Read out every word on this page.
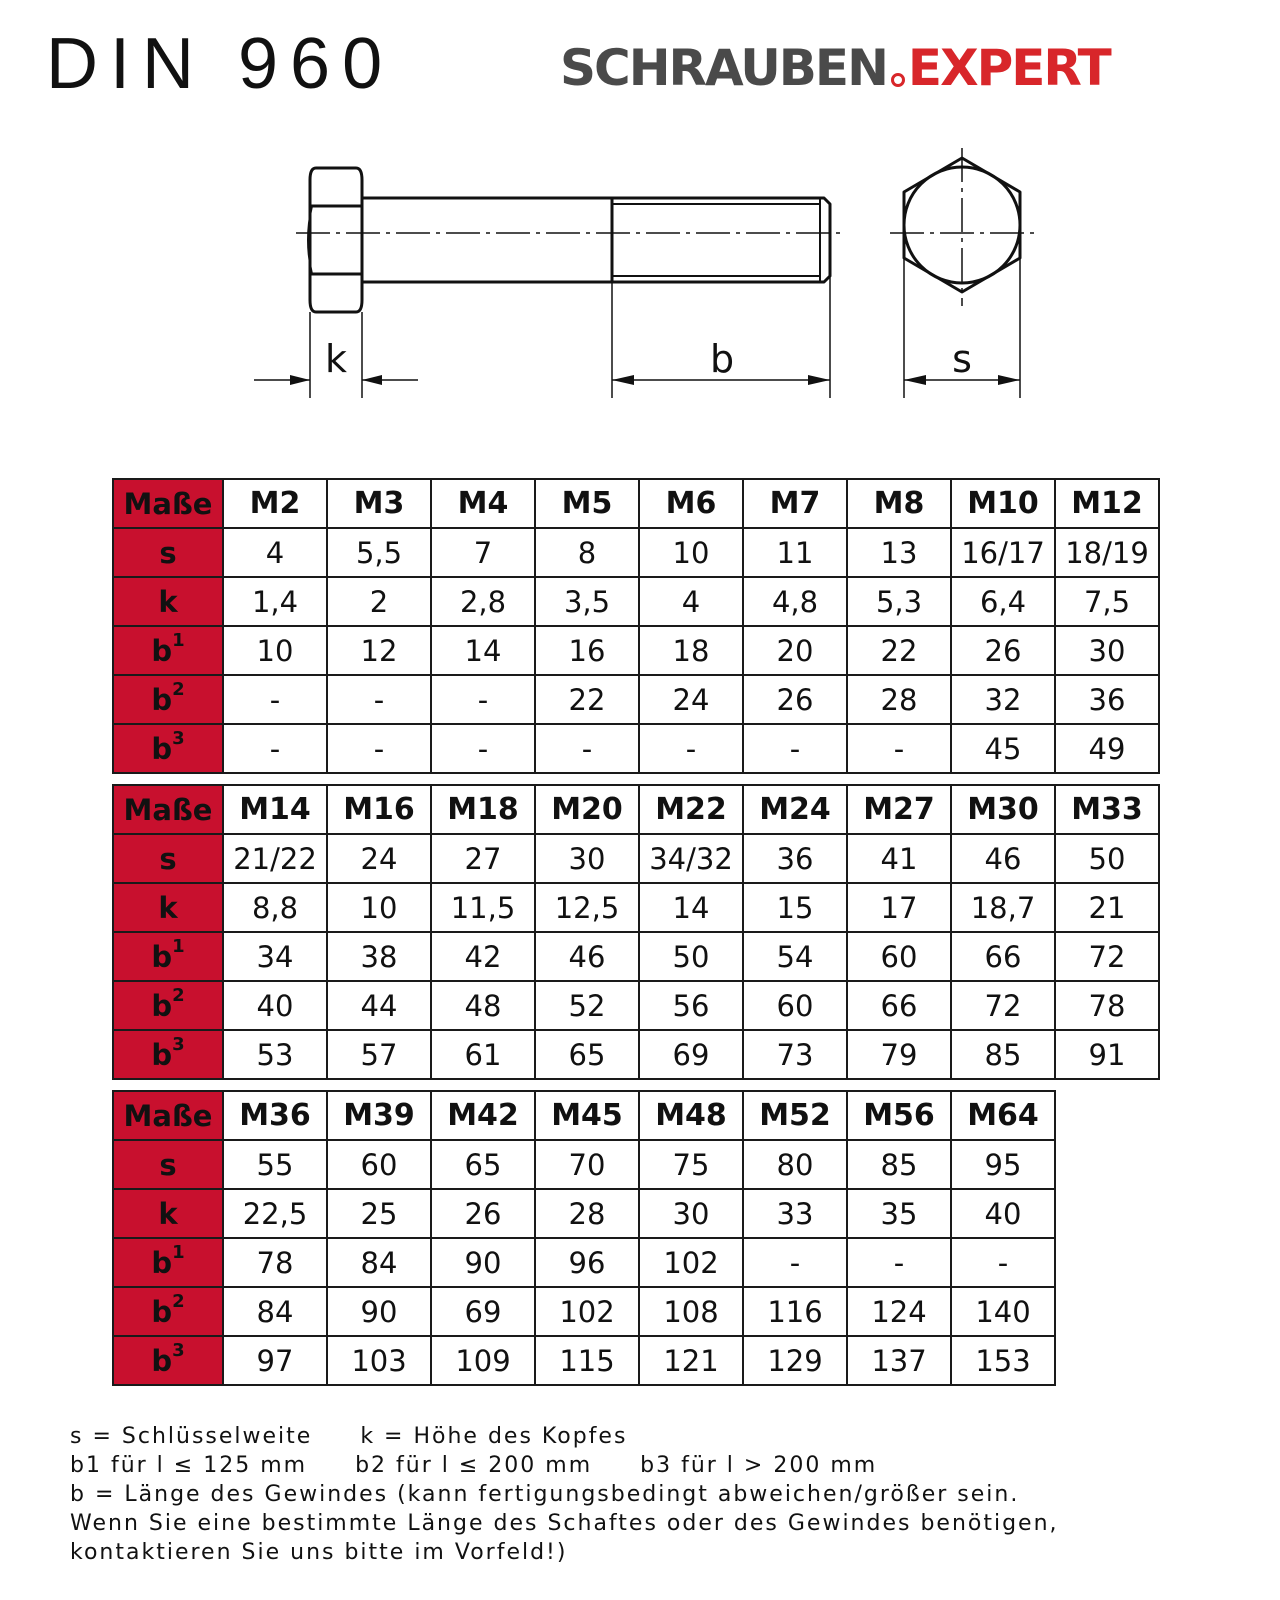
DIN 960	SCHRAUBEN EXPERT
k	b	s
Maße	M2	M3	M4	M5	M6	M7	M8	M10	M12
s	4	5,5	7	8	10	11	13	16/17	18/19
k	1,4	2	2,8	3,5	4	4,8	5,3	6,4	7,5
$b^1$	10	12	14	16	18	20	22	26	30
$b^2$	-	-	-	22	24	26	28	32	36
$b^3$	-	-	-	-	-	-	-	45	49
Maße	M14	M16	M18	M20	M22	M24	M27	M30	M33
s	21/22	24	27	30	34/32	36	41	46	50
k	8,8	10	11,5	12,5	14	15	17	18,7	21
$b^1$	34	38	42	46	50	54	60	66	72
$b^2$	40	44	48	52	56	60	66	72	78
$b^3$	53	57	61	65	69	73	79	85	91
Maße	M36	M39	M42	M45	M48	M52	M56	M64
s	55	60	65	70	75	80	85	95
k	22,5	25	26	28	30	33	35	40
$b^1$	78	84	90	96	102	-	-	-
$b^2$	84	90	69	102	108	116	124	140
$b^3$	97	103	109	115	121	129	137	153
s = Schlüsselweite k = Höhe des Kopfes
b1 für l ≤ 125 mm b2 für l ≤ 200 mm b3 für l > 200 mm
b = Länge des Gewindes (kann fertigungsbedingt abweichen/größer sein.
Wenn Sie eine bestimmte Länge des Schaftes oder des Gewindes benötigen,
kontaktieren Sie uns bitte im Vorfeld!)
